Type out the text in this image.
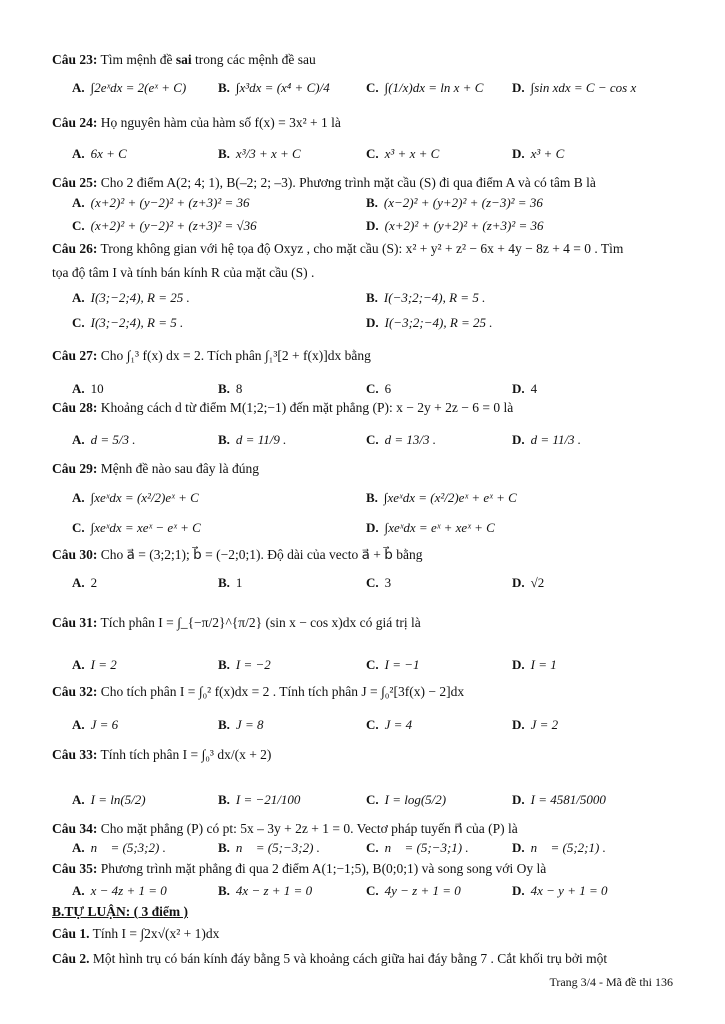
Câu 23: Tìm mệnh đề sai trong các mệnh đề sau
A. ∫2eˣdx = 2(eˣ + C) B. ∫x³dx = (x⁴ + C)/4	C. ∫(1/x)dx = ln x + C D. ∫sin xdx = C − cos x
Câu 24: Họ nguyên hàm của hàm số f(x) = 3x² + 1 là
A. 6x + C	B. x³/3 + x + C	C. x³ + x + C	D. x³ + C
Câu 25: Cho 2 điểm A(2; 4; 1), B(–2; 2; –3). Phương trình mặt cầu (S) đi qua điểm A và có tâm B là
A. (x+2)² + (y−2)² + (z+3)² = 36	B. (x−2)² + (y+2)² + (z−3)² = 36
C. (x+2)² + (y−2)² + (z+3)² = √36	D. (x+2)² + (y+2)² + (z+3)² = 36
Câu 26: Trong không gian với hệ tọa độ Oxyz , cho mặt cầu (S): x² + y² + z² − 6x + 4y − 8z + 4 = 0 . Tìm
tọa độ tâm I và tính bán kính R của mặt cầu (S) .
A. I(3;−2;4), R = 25 .	B. I(−3;2;−4), R = 5 .
C. I(3;−2;4), R = 5 .	D. I(−3;2;−4), R = 25 .
Câu 27: Cho ∫₁³ f(x) dx = 2. Tích phân ∫₁³[2 + f(x)]dx bằng
A. 10	B. 8	C. 6	D. 4
Câu 28: Khoảng cách d từ điểm M(1;2;−1) đến mặt phẳng (P): x − 2y + 2z − 6 = 0 là
A. d = 5/3 .	B. d = 11/9 .	C. d = 13/3 .	D. d = 11/3 .
Câu 29: Mệnh đề nào sau đây là đúng
A. ∫xeˣdx = (x²/2)eˣ + C	B. ∫xeˣdx = (x²/2)eˣ + eˣ + C
C. ∫xeˣdx = xeˣ − eˣ + C	D. ∫xeˣdx = eˣ + xeˣ + C
Câu 30: Cho a⃗ = (3;2;1); b⃗ = (−2;0;1). Độ dài của vecto a⃗ + b⃗ bằng
A. 2	B. 1	C. 3	D. √2
Câu 31: Tích phân I = ∫_{−π/2}^{π/2} (sin x − cos x)dx có giá trị là
A. I = 2	B. I = −2	C. I = −1	D. I = 1
Câu 32: Cho tích phân I = ∫₀² f(x)dx = 2 . Tính tích phân J = ∫₀²[3f(x) − 2]dx
A. J = 6	B. J = 8	C. J = 4	D. J = 2
Câu 33: Tính tích phân I = ∫₀³ dx/(x + 2)
A. I = ln(5/2)	B. I = −21/100	C. I = log(5/2)	D. I = 4581/5000
Câu 34: Cho mặt phẳng (P) có pt: 5x – 3y + 2z + 1 = 0. Vectơ pháp tuyến n⃗ của (P) là
A. n⃗ = (5;3;2) .	B. n⃗ = (5;−3;2) .	C. n⃗ = (5;−3;1) .	D. n⃗ = (5;2;1) .
Câu 35: Phương trình mặt phẳng đi qua 2 điểm A(1;−1;5), B(0;0;1) và song song với Oy là
A. x − 4z + 1 = 0	B. 4x − z + 1 = 0	C. 4y − z + 1 = 0	D. 4x − y + 1 = 0
B.TỰ LUẬN: ( 3 điểm )
Câu 1. Tính I = ∫2x√(x² + 1)dx
Câu 2. Một hình trụ có bán kính đáy bằng 5 và khoảng cách giữa hai đáy bằng 7 . Cắt khối trụ bởi một
Trang 3/4 - Mã đề thi 136
